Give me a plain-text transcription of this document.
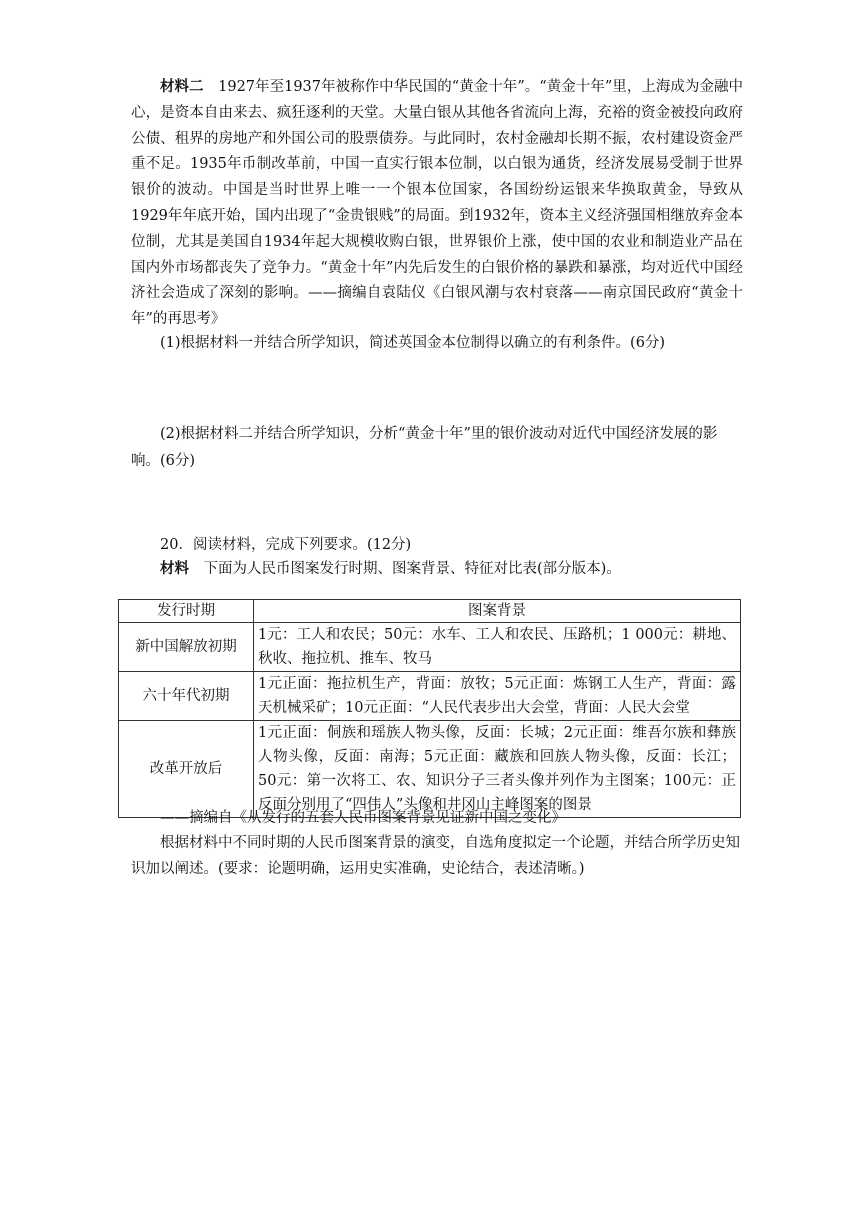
材料二　 1927年至1937年被称作中华民国的“黄金十年”。“黄金十年”里，上海成为金融中心，是资本自由来去、疯狂逐利的天堂。大量白银从其他各省流向上海，充裕的资金被投向政府公债、租界的房地产和外国公司的股票债券。与此同时，农村金融却长期不振，农村建设资金严重不足。1935年币制改革前，中国一直实行银本位制，以白银为通货，经济发展易受制于世界银价的波动。中国是当时世界上唯一一个银本位国家，各国纷纷运银来华换取黄金，导致从1929年年底开始，国内出现了“金贵银贱”的局面。到1932年，资本主义经济强国相继放弃金本位制，尤其是美国自1934年起大规模收购白银，世界银价上涨，使中国的农业和制造业产品在国内外市场都丧失了竞争力。“黄金十年”内先后发生的白银价格的暴跌和暴涨，均对近代中国经济社会造成了深刻的影响。——摘编自袁陆仪《白银风潮与农村衰落——南京国民政府“黄金十年”的再思考》

(1)根据材料一并结合所学知识，简述英国金本位制得以确立的有利条件。(6分)

(2)根据材料二并结合所学知识，分析“黄金十年”里的银价波动对近代中国经济发展的影响。(6分)

20．阅读材料，完成下列要求。(12分)

材料　 下面为人民币图案发行时期、图案背景、特征对比表(部分版本)。

发行时期	图案背景
新中国解放初期	1元：工人和农民；50元：水车、工人和农民、压路机；1 000元：耕地、秋收、拖拉机、推车、牧马
六十年代初期	1元正面：拖拉机生产，背面：放牧；5元正面：炼钢工人生产，背面：露天机械采矿；10元正面：“人民代表步出大会堂，背面：人民大会堂
改革开放后	1元正面：侗族和瑶族人物头像，反面：长城；2元正面：维吾尔族和彝族人物头像，反面：南海；5元正面：藏族和回族人物头像，反面：长江； 50元：第一次将工、农、知识分子三者头像并列作为主图案；100元：正反面分别用了“四伟人”头像和井冈山主峰图案的图景

——摘编自《从发行的五套人民币图案背景见证新中国之变化》

根据材料中不同时期的人民币图案背景的演变，自选角度拟定一个论题，并结合所学历史知识加以阐述。(要求：论题明确，运用史实准确，史论结合，表述清晰。)
